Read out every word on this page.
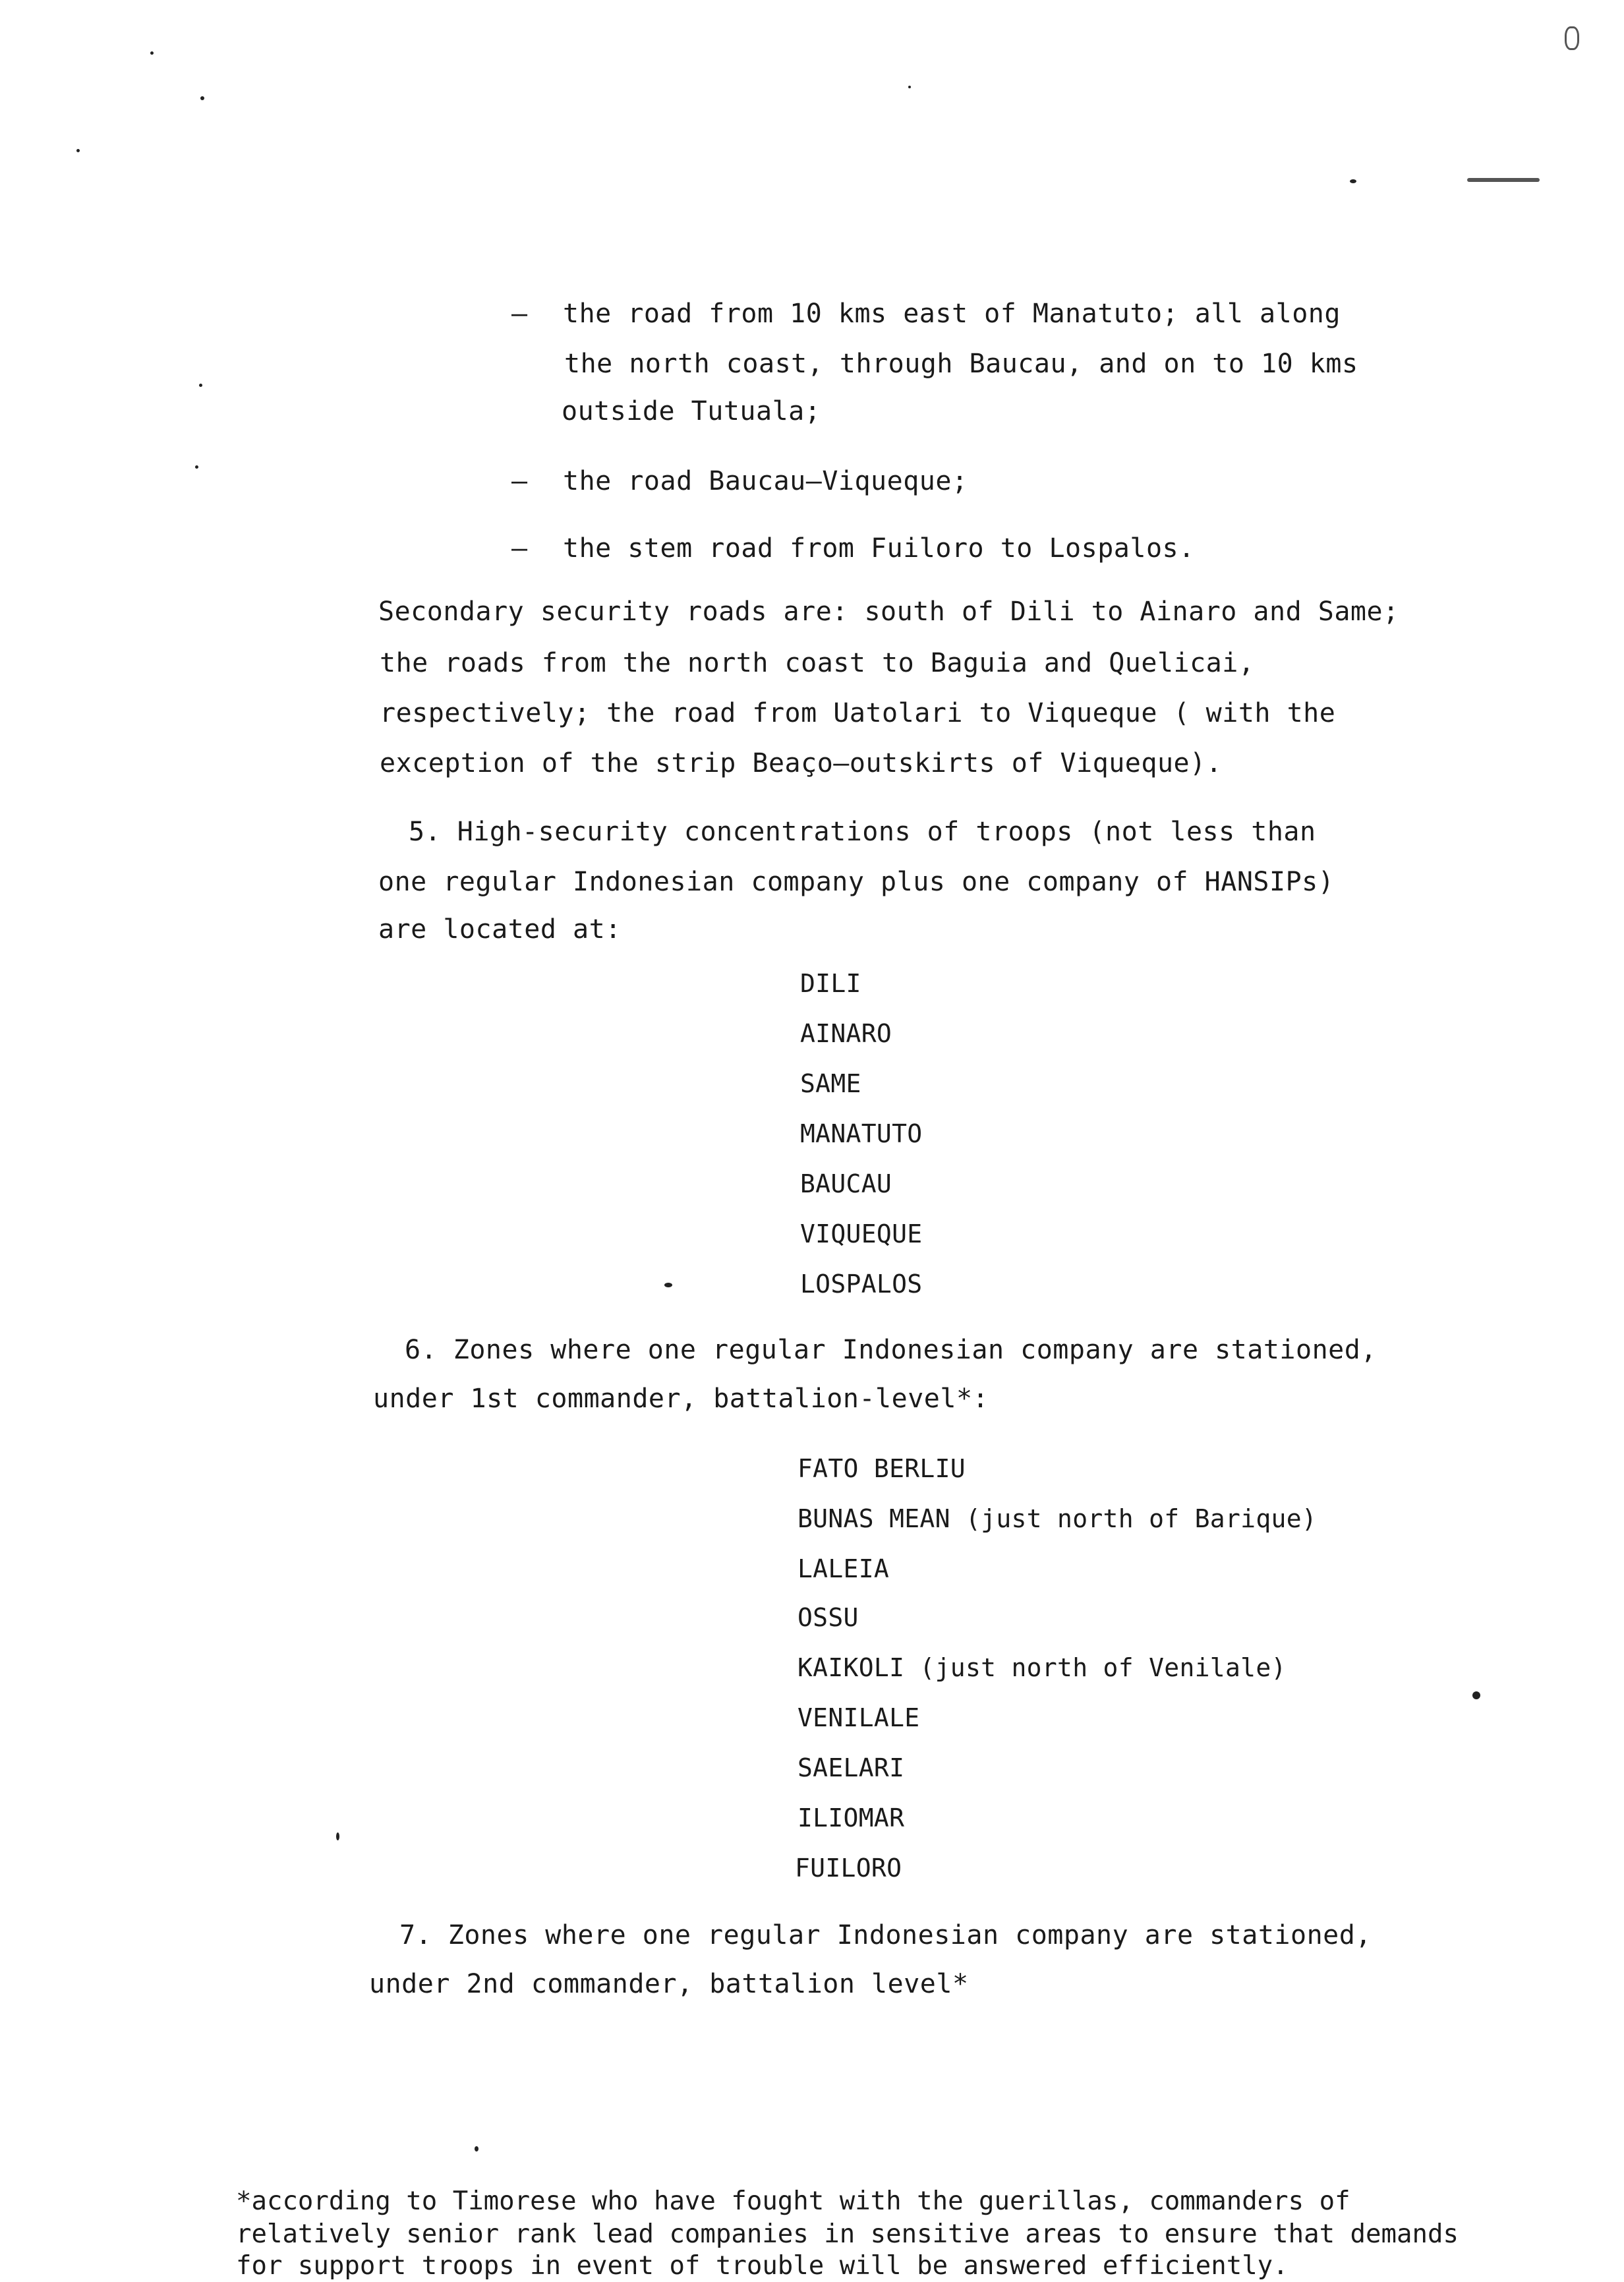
— the road from 10 kms east of Manatuto; all along
the north coast, through Baucau, and on to 10 kms
outside Tutuala;
— the road Baucau–Viqueque;
— the stem road from Fuiloro to Lospalos.
Secondary security roads are: south of Dili to Ainaro and Same;
the roads from the north coast to Baguia and Quelicai,
respectively; the road from Uatolari to Viqueque ( with the
exception of the strip Beaço–outskirts of Viqueque).
5. High-security concentrations of troops (not less than
one regular Indonesian company plus one company of HANSIPs)
are located at:
DILI
AINARO
SAME
MANATUTO
BAUCAU
VIQUEQUE
LOSPALOS
6. Zones where one regular Indonesian company are stationed,
under 1st commander, battalion-level*:
FATO BERLIU
BUNAS MEAN (just north of Barique)
LALEIA
OSSU
KAIKOLI (just north of Venilale)
VENILALE
SAELARI
ILIOMAR
FUILORO
7. Zones where one regular Indonesian company are stationed,
under 2nd commander, battalion level*
*according to Timorese who have fought with the guerillas, commanders of
relatively senior rank lead companies in sensitive areas to ensure that demands
for support troops in event of trouble will be answered efficiently.
